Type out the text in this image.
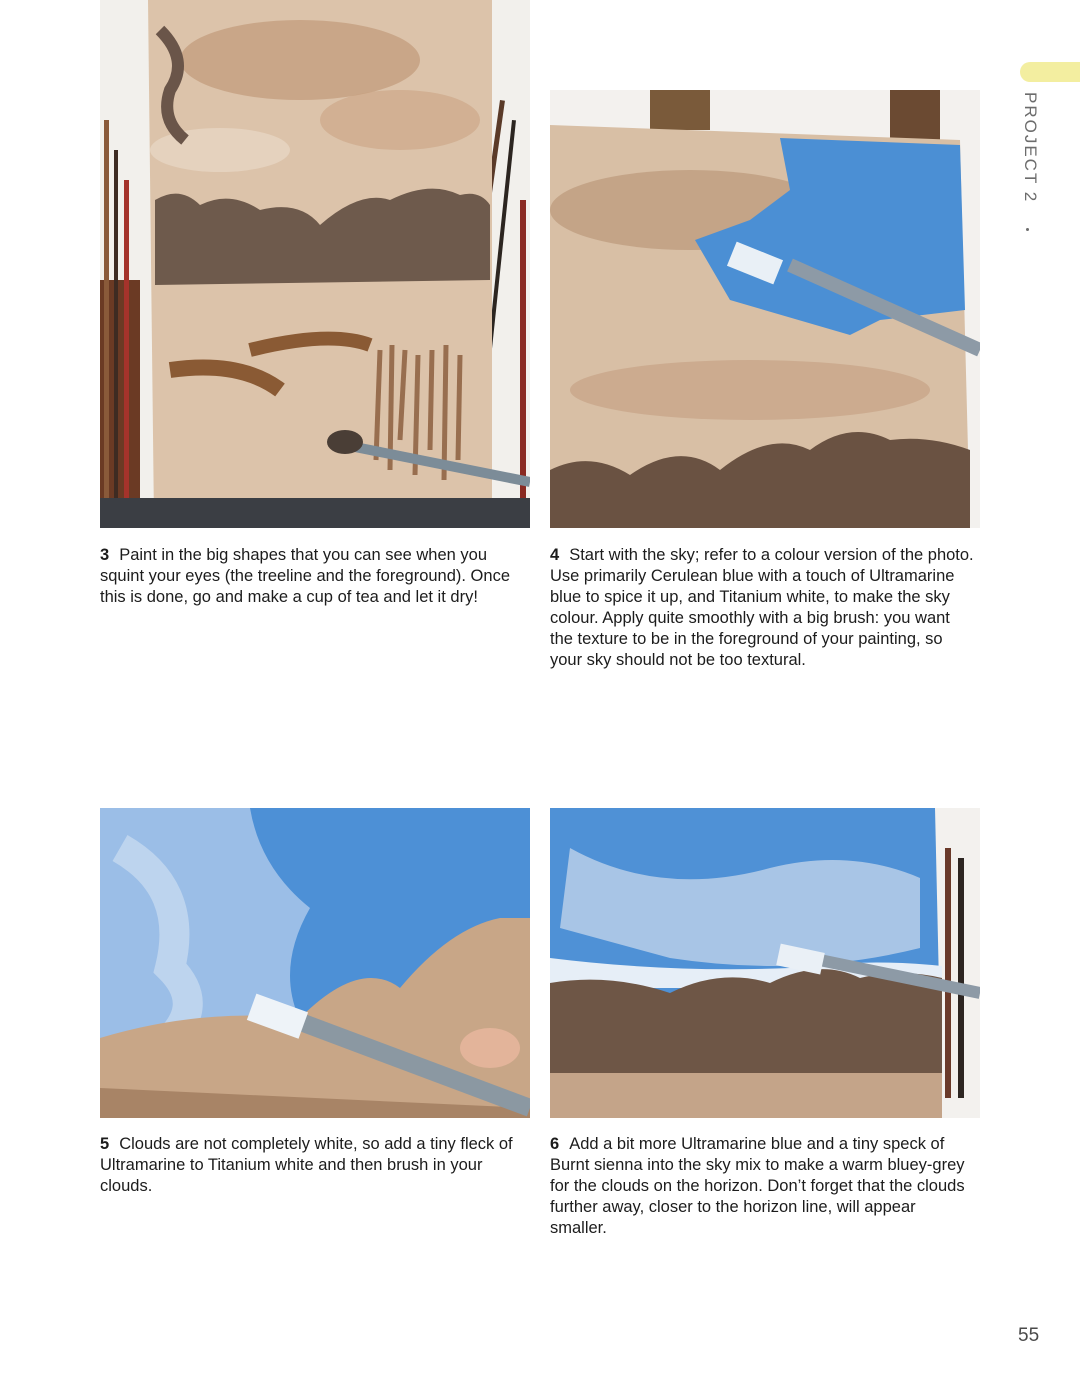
PROJECT 2

3 Paint in the big shapes that you can see when you squint your eyes (the treeline and the foreground). Once this is done, go and make a cup of tea and let it dry!

4 Start with the sky; refer to a colour version of the photo. Use primarily Cerulean blue with a touch of Ultramarine blue to spice it up, and Titanium white, to make the sky colour. Apply quite smoothly with a big brush: you want the texture to be in the foreground of your painting, so your sky should not be too textural.

5 Clouds are not completely white, so add a tiny fleck of Ultramarine to Titanium white and then brush in your clouds.

6 Add a bit more Ultramarine blue and a tiny speck of Burnt sienna into the sky mix to make a warm bluey-grey for the clouds on the horizon. Don’t forget that the clouds further away, closer to the horizon line, will appear smaller.

55
